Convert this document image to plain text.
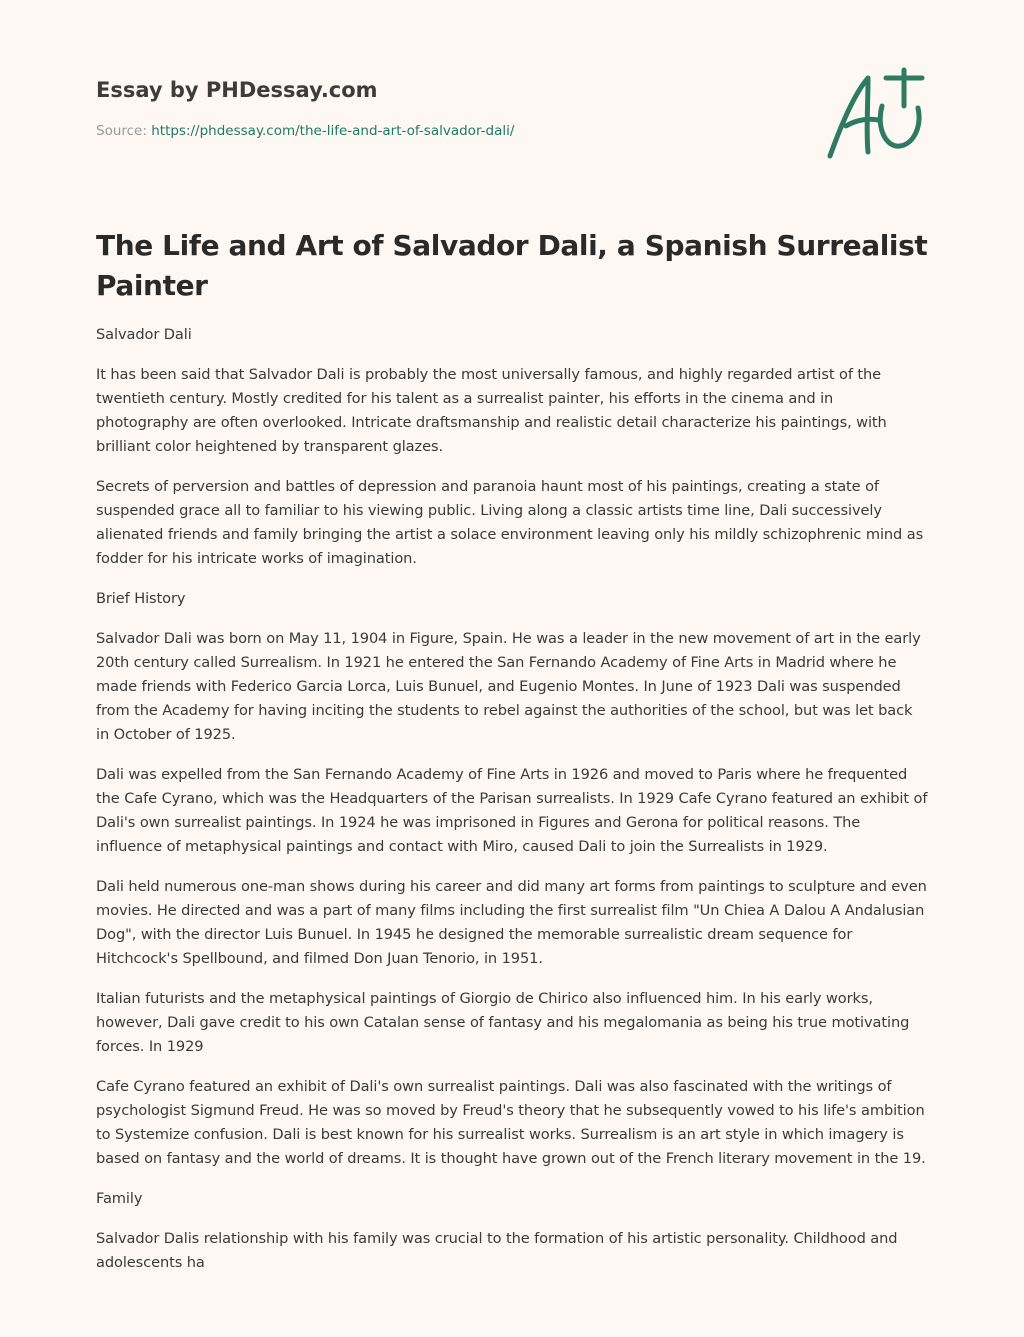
Essay by PHDessay.com
Source: https://phdessay.com/the-life-and-art-of-salvador-dali/
The Life and Art of Salvador Dali, a Spanish Surrealist Painter

Salvador Dali

It has been said that Salvador Dali is probably the most universally famous, and highly regarded artist of the twentieth century. Mostly credited for his talent as a surrealist painter, his efforts in the cinema and in photography are often overlooked. Intricate draftsmanship and realistic detail characterize his paintings, with brilliant color heightened by transparent glazes.

Secrets of perversion and battles of depression and paranoia haunt most of his paintings, creating a state of suspended grace all to familiar to his viewing public. Living along a classic artists time line, Dali successively alienated friends and family bringing the artist a solace environment leaving only his mildly schizophrenic mind as fodder for his intricate works of imagination.

Brief History

Salvador Dali was born on May 11, 1904 in Figure, Spain. He was a leader in the new movement of art in the early 20th century called Surrealism. In 1921 he entered the San Fernando Academy of Fine Arts in Madrid where he made friends with Federico Garcia Lorca, Luis Bunuel, and Eugenio Montes. In June of 1923 Dali was suspended from the Academy for having inciting the students to rebel against the authorities of the school, but was let back in October of 1925.

Dali was expelled from the San Fernando Academy of Fine Arts in 1926 and moved to Paris where he frequented the Cafe Cyrano, which was the Headquarters of the Parisan surrealists. In 1929 Cafe Cyrano featured an exhibit of Dali's own surrealist paintings. In 1924 he was imprisoned in Figures and Gerona for political reasons. The influence of metaphysical paintings and contact with Miro, caused Dali to join the Surrealists in 1929.

Dali held numerous one-man shows during his career and did many art forms from paintings to sculpture and even movies. He directed and was a part of many films including the first surrealist film "Un Chiea A Dalou A Andalusian Dog", with the director Luis Bunuel. In 1945 he designed the memorable surrealistic dream sequence for Hitchcock's Spellbound, and filmed Don Juan Tenorio, in 1951.

Italian futurists and the metaphysical paintings of Giorgio de Chirico also influenced him. In his early works, however, Dali gave credit to his own Catalan sense of fantasy and his megalomania as being his true motivating forces. In 1929

Cafe Cyrano featured an exhibit of Dali's own surrealist paintings. Dali was also fascinated with the writings of psychologist Sigmund Freud. He was so moved by Freud's theory that he subsequently vowed to his life's ambition to Systemize confusion. Dali is best known for his surrealist works. Surrealism is an art style in which imagery is based on fantasy and the world of dreams. It is thought have grown out of the French literary movement in the 19.

Family

Salvador Dalis relationship with his family was crucial to the formation of his artistic personality. Childhood and adolescents ha
